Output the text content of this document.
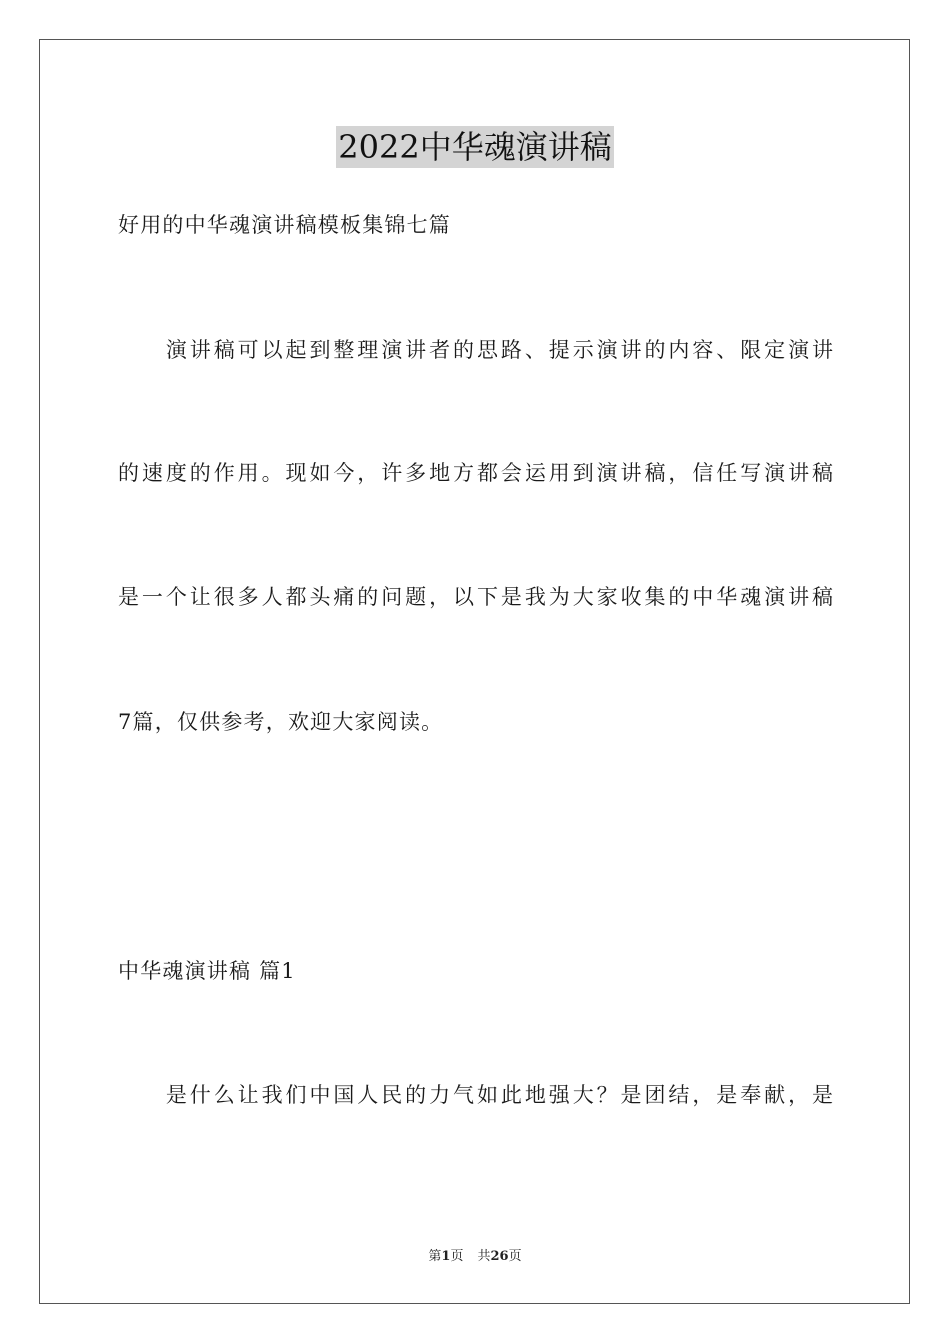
2022中华魂演讲稿
好用的中华魂演讲稿模板集锦七篇
　　演讲稿可以起到整理演讲者的思路、提示演讲的内容、限定演讲
的速度的作用。现如今，许多地方都会运用到演讲稿，信任写演讲稿
是一个让很多人都头痛的问题，以下是我为大家收集的中华魂演讲稿
7篇，仅供参考，欢迎大家阅读。
中华魂演讲稿 篇1
　　是什么让我们中国人民的力气如此地强大？是团结，是奉献，是
第1页 共26页
